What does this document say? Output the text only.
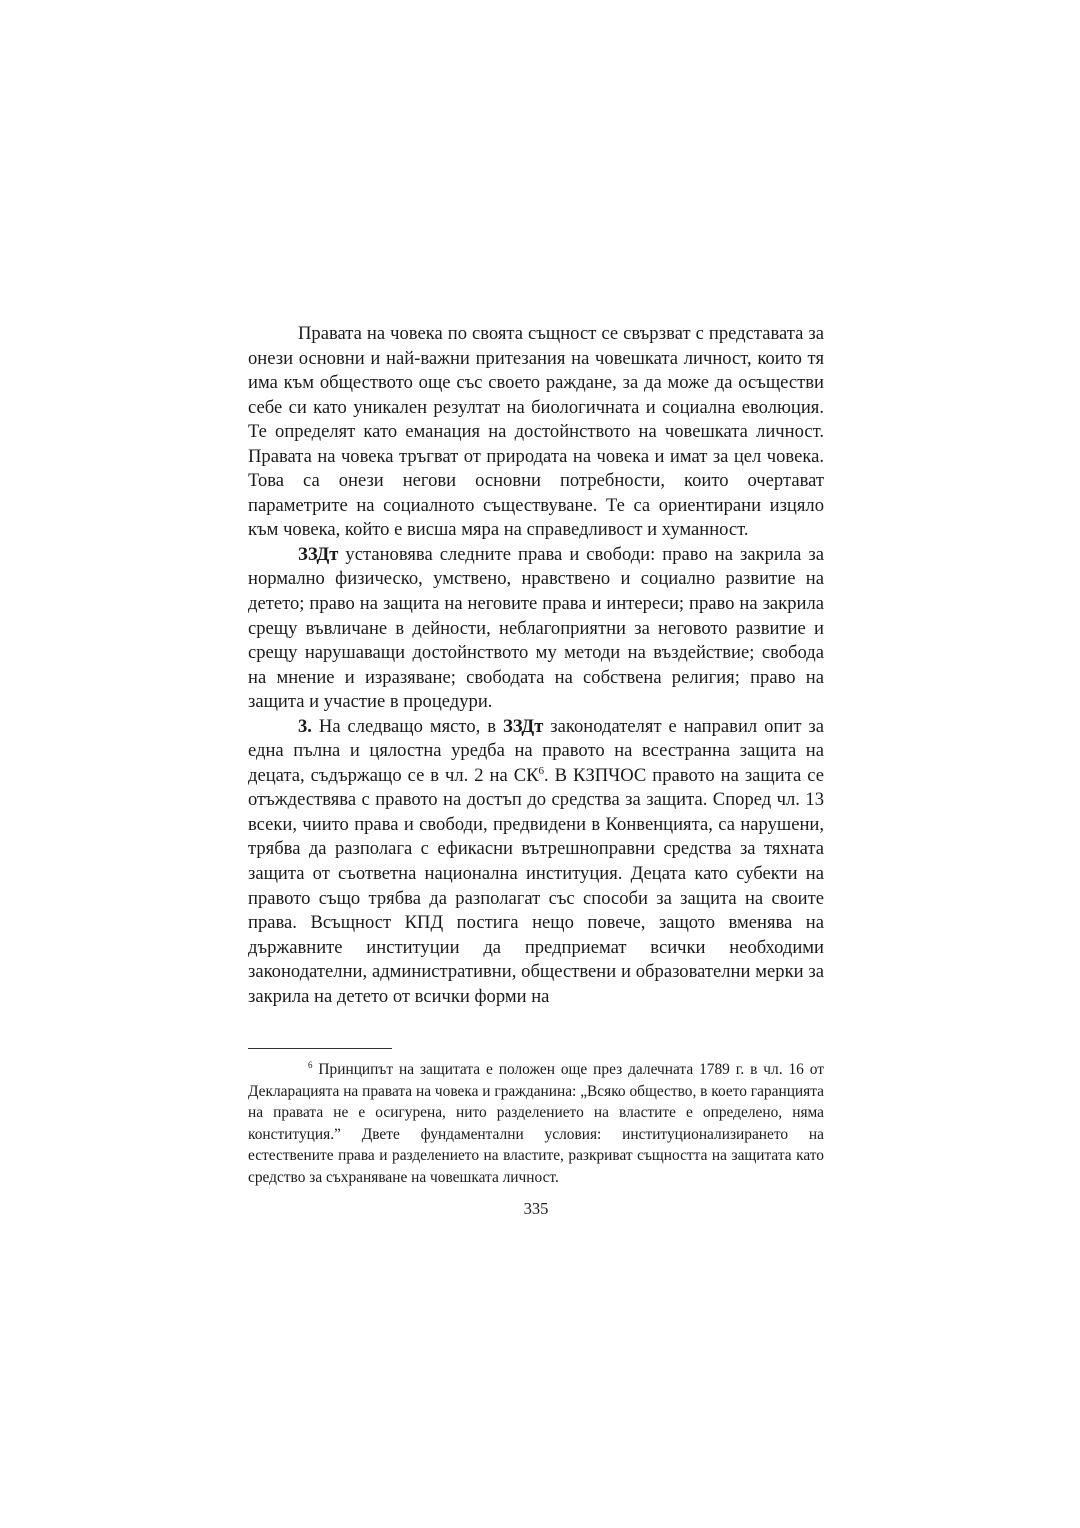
Правата на човека по своята същност се свързват с представата за онези основни и най-важни притезания на човешката личност, които тя има към обществото още със своето раждане, за да може да осъществи себе си като уникален резултат на биологичната и социална еволюция. Те определят като еманация на достойнството на човешката личност. Правата на човека тръгват от природата на човека и имат за цел човека. Това са онези негови основни потребности, които очертават параметрите на социалното съществуване. Те са ориентирани изцяло към човека, който е висша мяра на справедливост и хуманност.

ЗЗДт установява следните права и свободи: право на закрила за нормално физическо, умствено, нравствено и социално развитие на детето; право на защита на неговите права и интереси; право на закрила срещу въвличане в дейности, неблагоприятни за неговото развитие и срещу нарушаващи достойнството му методи на въздействие; свобода на мнение и изразяване; свободата на собствена религия; право на защита и участие в процедури.

3. На следващо място, в ЗЗДт законодателят е направил опит за една пълна и цялостна уредба на правото на всестранна защита на децата, съдържащо се в чл. 2 на $СК^6$. В КЗПЧОС правото на защита се отъждествява с правото на достъп до средства за защита. Според чл. 13 всеки, чиито права и свободи, предвидени в Конвенцията, са нарушени, трябва да разполага с ефикасни вътрешноправни средства за тяхната защита от съответна национална институция. Децата като субекти на правото също трябва да разполагат със способи за защита на своите права. Всъщност КПД постига нещо повече, защото вменява на държавните институции да предприемат всички необходими законодателни, административни, обществени и образователни мерки за закрила на детето от всички форми на

$^6$ Принципът на защитата е положен още през далечната 1789 г. в чл. 16 от Декларацията на правата на човека и гражданина: „Всяко общество, в което гаранцията на правата не е осигурена, нито разделението на властите е определено, няма конституция.” Двете фундаментални условия: институционализирането на естествените права и разделението на властите, разкриват същността на защитата като средство за съхраняване на човешката личност.

335
